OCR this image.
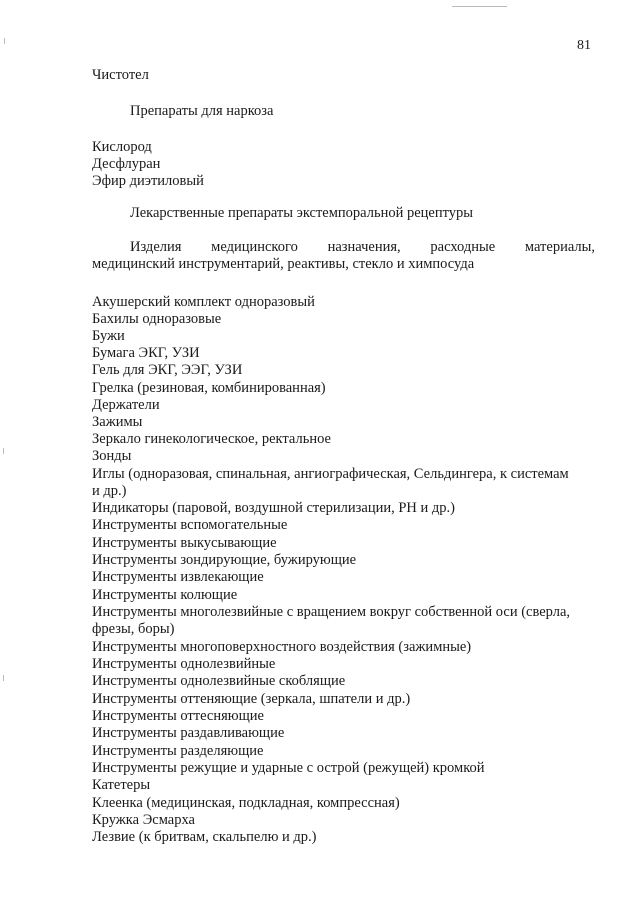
81
Чистотел
Препараты для наркоза
Кислород
Десфлуран
Эфир диэтиловый
Лекарственные препараты экстемпоральной рецептуры
Изделия медицинского назначения, расходные материалы,
медицинский инструментарий, реактивы, стекло и химпосуда
Акушерский комплект одноразовый
Бахилы одноразовые
Бужи
Бумага ЭКГ, УЗИ
Гель для ЭКГ, ЭЭГ, УЗИ
Грелка (резиновая, комбинированная)
Держатели
Зажимы
Зеркало гинекологическое, ректальное
Зонды
Иглы (одноразовая, спинальная, ангиографическая, Сельдингера, к системам
и др.)
Индикаторы (паровой, воздушной стерилизации, PH и др.)
Инструменты вспомогательные
Инструменты выкусывающие
Инструменты зондирующие, бужирующие
Инструменты извлекающие
Инструменты колющие
Инструменты многолезвийные с вращением вокруг собственной оси (сверла,
фрезы, боры)
Инструменты многоповерхностного воздействия (зажимные)
Инструменты однолезвийные
Инструменты однолезвийные скоблящие
Инструменты оттеняющие (зеркала, шпатели и др.)
Инструменты оттесняющие
Инструменты раздавливающие
Инструменты разделяющие
Инструменты режущие и ударные с острой (режущей) кромкой
Катетеры
Клеенка (медицинская, подкладная, компрессная)
Кружка Эсмарха
Лезвие (к бритвам, скальпелю и др.)
